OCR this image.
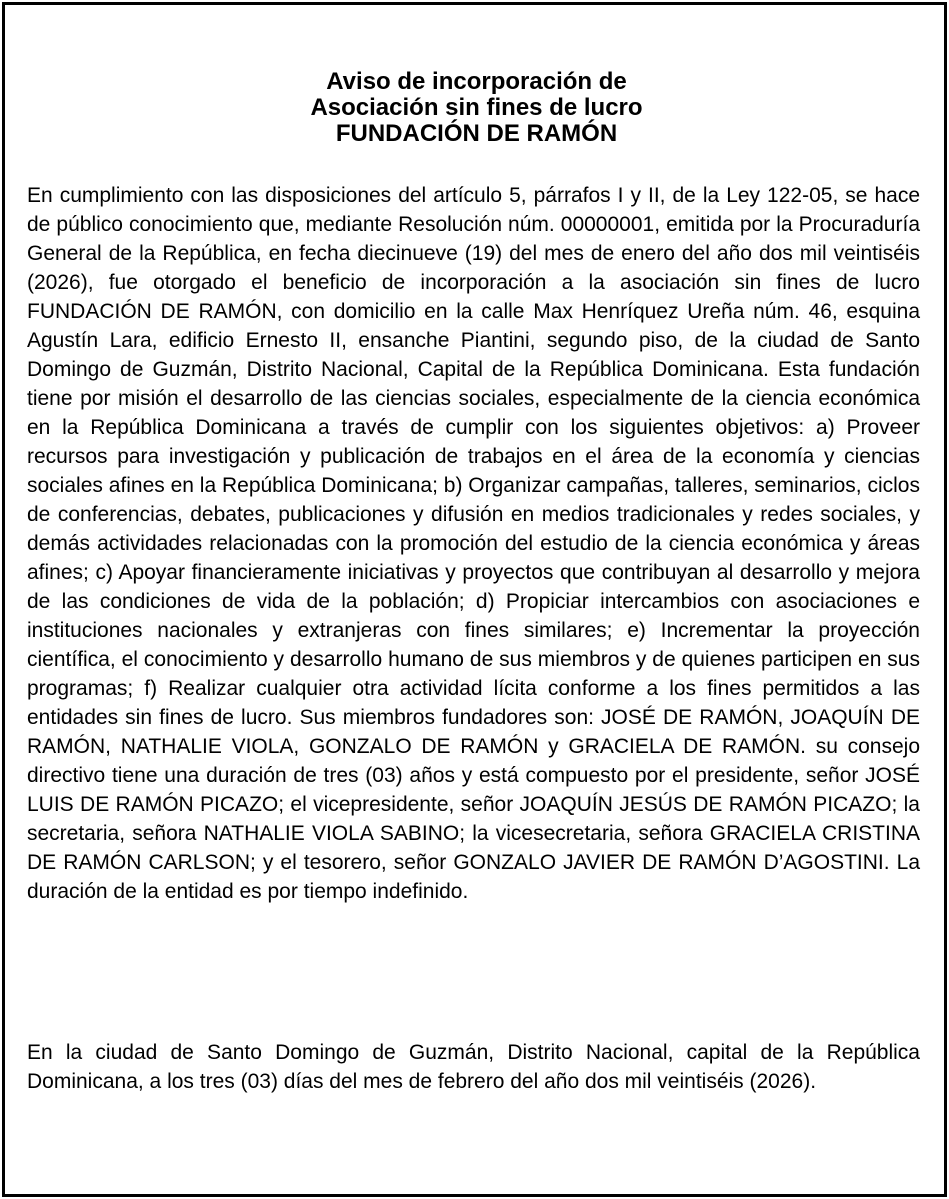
Aviso de incorporación de
Asociación sin fines de lucro
FUNDACIÓN DE RAMÓN

En cumplimiento con las disposiciones del artículo 5, párrafos I y II, de la Ley 122-05, se hace de público conocimiento que, mediante Resolución núm. 00000001, emitida por la Procuraduría General de la República, en fecha diecinueve (19) del mes de enero del año dos mil veintiséis (2026), fue otorgado el beneficio de incorporación a la asociación sin fines de lucro FUNDACIÓN DE RAMÓN, con domicilio en la calle Max Henríquez Ureña núm. 46, esquina Agustín Lara, edificio Ernesto II, ensanche Piantini, segundo piso, de la ciudad de Santo Domingo de Guzmán, Distrito Nacional, Capital de la República Dominicana. Esta fundación tiene por misión el desarrollo de las ciencias sociales, especialmente de la ciencia económica en la República Dominicana a través de cumplir con los siguientes objetivos: a) Proveer recursos para investigación y publicación de trabajos en el área de la economía y ciencias sociales afines en la República Dominicana; b) Organizar campañas, talleres, seminarios, ciclos de conferencias, debates, publicaciones y difusión en medios tradicionales y redes sociales, y demás actividades relacionadas con la promoción del estudio de la ciencia económica y áreas afines; c) Apoyar financieramente iniciativas y proyectos que contribuyan al desarrollo y mejora de las condiciones de vida de la población; d) Propiciar intercambios con asociaciones e instituciones nacionales y extranjeras con fines similares; e) Incrementar la proyección científica, el conocimiento y desarrollo humano de sus miembros y de quienes participen en sus programas; f) Realizar cualquier otra actividad lícita conforme a los fines permitidos a las entidades sin fines de lucro. Sus miembros fundadores son: JOSÉ DE RAMÓN, JOAQUÍN DE RAMÓN, NATHALIE VIOLA, GONZALO DE RAMÓN y GRACIELA DE RAMÓN. su consejo directivo tiene una duración de tres (03) años y está compuesto por el presidente, señor JOSÉ LUIS DE RAMÓN PICAZO; el vicepresidente, señor JOAQUÍN JESÚS DE RAMÓN PICAZO; la secretaria, señora NATHALIE VIOLA SABINO; la vicesecretaria, señora GRACIELA CRISTINA DE RAMÓN CARLSON; y el tesorero, señor GONZALO JAVIER DE RAMÓN D’AGOSTINI. La duración de la entidad es por tiempo indefinido.

En la ciudad de Santo Domingo de Guzmán, Distrito Nacional, capital de la República Dominicana, a los tres (03) días del mes de febrero del año dos mil veintiséis (2026).
